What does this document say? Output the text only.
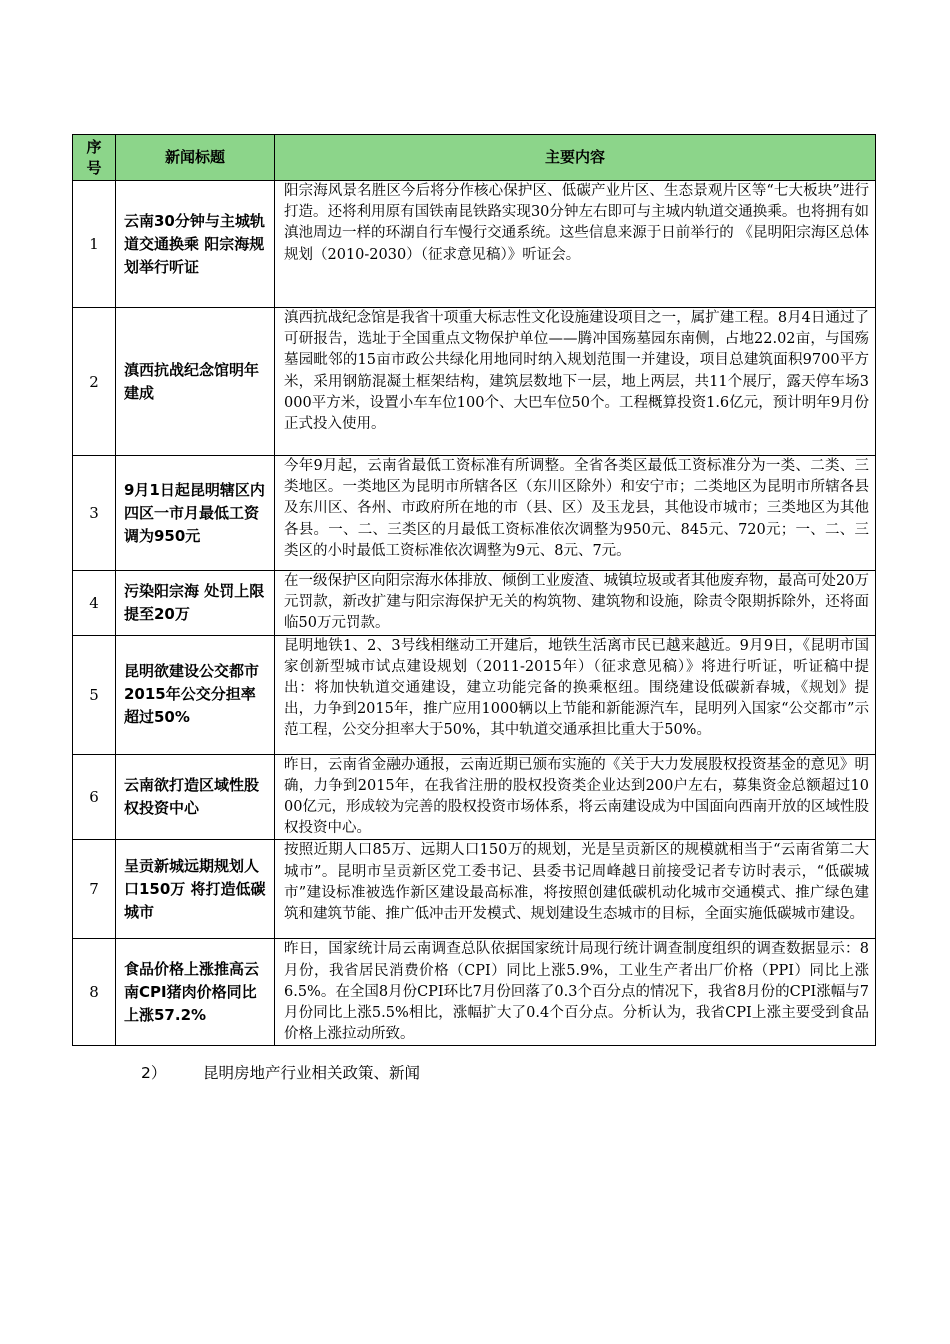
序号	新闻标题	主要内容
1	云南30分钟与主城轨道交通换乘 阳宗海规划举行听证	阳宗海风景名胜区今后将分作核心保护区、低碳产业片区、生态景观片区等“七大板块”进行打造。还将利用原有国铁南昆铁路实现30分钟左右即可与主城内轨道交通换乘。也将拥有如滇池周边一样的环湖自行车慢行交通系统。这些信息来源于日前举行的 《昆明阳宗海区总体规划（2010-2030）（征求意见稿）》听证会。
2	滇西抗战纪念馆明年建成	滇西抗战纪念馆是我省十项重大标志性文化设施建设项目之一，属扩建工程。8月4日通过了可研报告，选址于全国重点文物保护单位——腾冲国殇墓园东南侧，占地22.02亩，与国殇墓园毗邻的15亩市政公共绿化用地同时纳入规划范围一并建设，项目总建筑面积9700平方米，采用钢筋混凝土框架结构，建筑层数地下一层，地上两层，共11个展厅，露天停车场3000平方米，设置小车车位100个、大巴车位50个。工程概算投资1.6亿元，预计明年9月份正式投入使用。
3	9月1日起昆明辖区内四区一市月最低工资调为950元	今年9月起，云南省最低工资标准有所调整。全省各类区最低工资标准分为一类、二类、三类地区。一类地区为昆明市所辖各区（东川区除外）和安宁市；二类地区为昆明市所辖各县及东川区、各州、市政府所在地的市（县、区）及玉龙县，其他设市城市；三类地区为其他各县。一、二、三类区的月最低工资标准依次调整为950元、845元、720元；一、二、三类区的小时最低工资标准依次调整为9元、8元、7元。
4	污染阳宗海 处罚上限提至20万	在一级保护区向阳宗海水体排放、倾倒工业废渣、城镇垃圾或者其他废弃物，最高可处20万元罚款，新改扩建与阳宗海保护无关的构筑物、建筑物和设施，除责令限期拆除外，还将面临50万元罚款。
5	昆明欲建设公交都市 2015年公交分担率超过50%	昆明地铁1、2、3号线相继动工开建后，地铁生活离市民已越来越近。9月9日，《昆明市国家创新型城市试点建设规划（2011-2015年）（征求意见稿）》将进行听证，听证稿中提出：将加快轨道交通建设，建立功能完备的换乘枢纽。围绕建设低碳新春城，《规划》提出，力争到2015年，推广应用1000辆以上节能和新能源汽车，昆明列入国家“公交都市”示范工程，公交分担率大于50%，其中轨道交通承担比重大于50%。
6	云南欲打造区域性股权投资中心	昨日，云南省金融办通报，云南近期已颁布实施的《关于大力发展股权投资基金的意见》明确，力争到2015年，在我省注册的股权投资类企业达到200户左右，募集资金总额超过1000亿元，形成较为完善的股权投资市场体系，将云南建设成为中国面向西南开放的区域性股权投资中心。
7	呈贡新城远期规划人口150万 将打造低碳城市	按照近期人口85万、远期人口150万的规划，光是呈贡新区的规模就相当于“云南省第二大城市”。昆明市呈贡新区党工委书记、县委书记周峰越日前接受记者专访时表示，“低碳城市”建设标准被选作新区建设最高标准，将按照创建低碳机动化城市交通模式、推广绿色建筑和建筑节能、推广低冲击开发模式、规划建设生态城市的目标，全面实施低碳城市建设。
8	食品价格上涨推高云南CPI猪肉价格同比上涨57.2%	昨日，国家统计局云南调查总队依据国家统计局现行统计调查制度组织的调查数据显示：8月份，我省居民消费价格（CPI）同比上涨5.9%，工业生产者出厂价格（PPI）同比上涨 6.5%。在全国8月份CPI环比7月份回落了0.3个百分点的情况下，我省8月份的CPI涨幅与7月份同比上涨5.5%相比，涨幅扩大了0.4个百分点。分析认为，我省CPI上涨主要受到食品价格上涨拉动所致。
2） 昆明房地产行业相关政策、新闻
